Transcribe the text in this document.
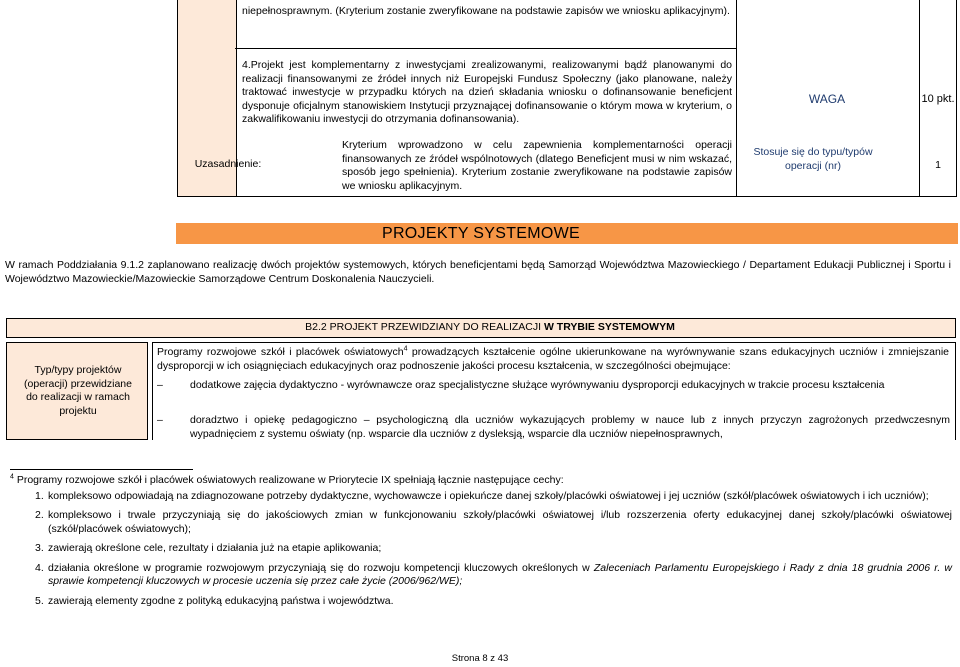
niepełnosprawnym. (Kryterium zostanie zweryfikowane na podstawie zapisów we wniosku aplikacyjnym).
4.Projekt jest komplementarny z inwestycjami zrealizowanymi, realizowanymi bądź planowanymi do realizacji finansowanymi ze źródeł innych niż Europejski Fundusz Społeczny (jako planowane, należy traktować inwestycje w przypadku których na dzień składania wniosku o dofinansowanie beneficjent dysponuje oficjalnym stanowiskiem Instytucji przyznającej dofinansowanie o którym mowa w kryterium, o zakwalifikowaniu inwestycji do otrzymania dofinansowania).
Uzasadnienie:
Kryterium wprowadzono w celu zapewnienia komplementarności operacji finansowanych ze źródeł wspólnotowych (dlatego Beneficjent musi w nim wskazać, sposób jego spełnienia). Kryterium zostanie zweryfikowane na podstawie zapisów we wniosku aplikacyjnym.
WAGA	10 pkt.
Stosuje się do typu/typów operacji (nr)	1
PROJEKTY SYSTEMOWE
W ramach Poddziałania 9.1.2 zaplanowano realizację dwóch projektów systemowych, których beneficjentami będą Samorząd Województwa Mazowieckiego / Departament Edukacji Publicznej i Sportu i Województwo Mazowieckie/Mazowieckie Samorządowe Centrum Doskonalenia Nauczycieli.
B2.2 PROJEKT PRZEWIDZIANY DO REALIZACJI W TRYBIE SYSTEMOWYM
Typ/typy projektów (operacji) przewidziane do realizacji w ramach projektu
Programy rozwojowe szkół i placówek oświatowych$^4$ prowadzących kształcenie ogólne ukierunkowane na wyrównywanie szans edukacyjnych uczniów i zmniejszanie dysproporcji w ich osiągnięciach edukacyjnych oraz podnoszenie jakości procesu kształcenia, w szczególności obejmujące:
–	dodatkowe zajęcia dydaktyczno - wyrównawcze oraz specjalistyczne służące wyrównywaniu dysproporcji edukacyjnych w trakcie procesu kształcenia
–	doradztwo i opiekę pedagogiczno – psychologiczną dla uczniów wykazujących problemy w nauce lub z innych przyczyn zagrożonych przedwczesnym wypadnięciem z systemu oświaty (np. wsparcie dla uczniów z dysleksją, wsparcie dla uczniów niepełnosprawnych,
$^4$ Programy rozwojowe szkół i placówek oświatowych realizowane w Priorytecie IX spełniają łącznie następujące cechy:
1. kompleksowo odpowiadają na zdiagnozowane potrzeby dydaktyczne, wychowawcze i opiekuńcze danej szkoły/placówki oświatowej i jej uczniów (szkół/placówek oświatowych i ich uczniów);
2. kompleksowo i trwale przyczyniają się do jakościowych zmian w funkcjonowaniu szkoły/placówki oświatowej i/lub rozszerzenia oferty edukacyjnej danej szkoły/placówki oświatowej (szkół/placówek oświatowych);
3. zawierają określone cele, rezultaty i działania już na etapie aplikowania;
4. działania określone w programie rozwojowym przyczyniają się do rozwoju kompetencji kluczowych określonych w Zaleceniach Parlamentu Europejskiego i Rady z dnia 18 grudnia 2006 r. w sprawie kompetencji kluczowych w procesie uczenia się przez całe życie (2006/962/WE);
5. zawierają elementy zgodne z polityką edukacyjną państwa i województwa.
Strona 8 z 43
